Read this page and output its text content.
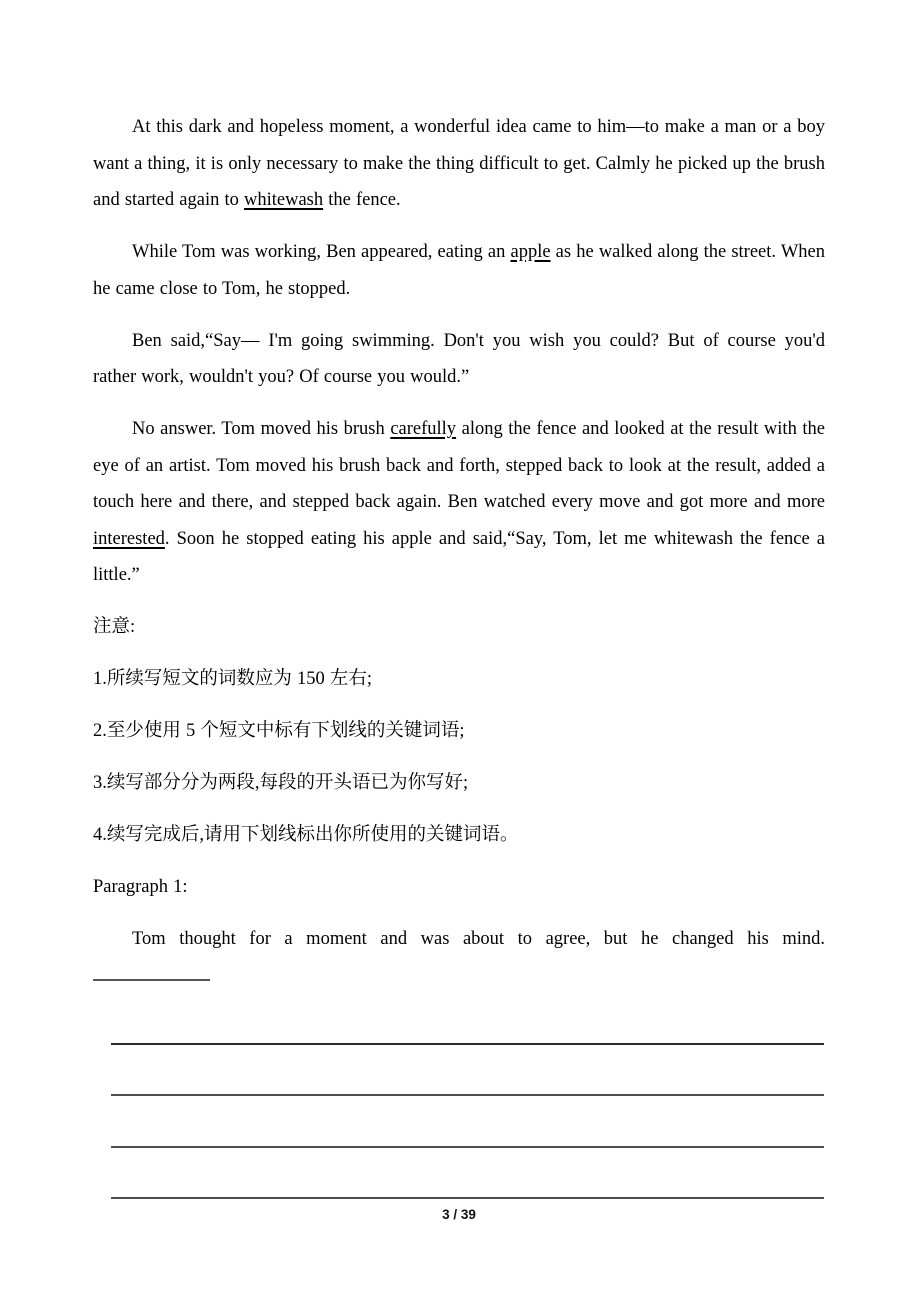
At this dark and hopeless moment, a wonderful idea came to him—to make a man or a boy want a thing, it is only necessary to make the thing difficult to get. Calmly he picked up the brush and started again to whitewash the fence.

While Tom was working, Ben appeared, eating an apple as he walked along the street. When he came close to Tom, he stopped.

Ben said,“Say— I'm going swimming. Don't you wish you could? But of course you'd rather work, wouldn't you? Of course you would.”

No answer. Tom moved his brush carefully along the fence and looked at the result with the eye of an artist. Tom moved his brush back and forth, stepped back to look at the result, added a touch here and there, and stepped back again. Ben watched every move and got more and more interested. Soon he stopped eating his apple and said,“Say, Tom, let me whitewash the fence a little.”

注意:

1.所续写短文的词数应为 150 左右;

2.至少使用 5 个短文中标有下划线的关键词语;

3.续写部分分为两段,每段的开头语已为你写好;

4.续写完成后,请用下划线标出你所使用的关键词语。

Paragraph 1:

Tom thought for a moment and was about to agree, but he changed his mind.

3 / 39
